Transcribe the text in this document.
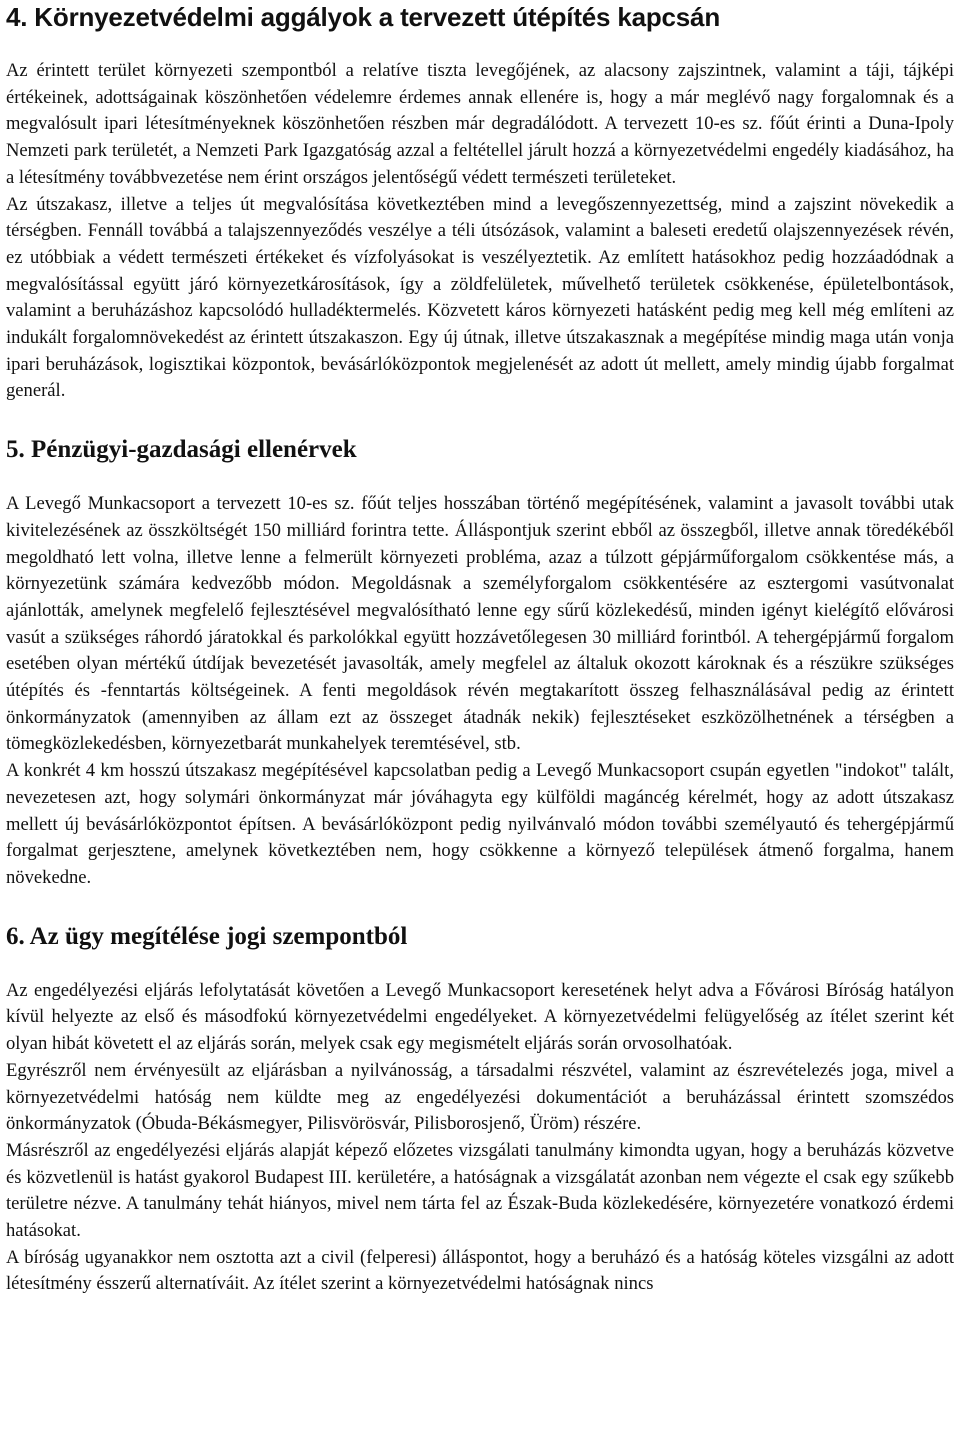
4. Környezetvédelmi aggályok a tervezett útépítés kapcsán

Az érintett terület környezeti szempontból a relatíve tiszta levegőjének, az alacsony zajszintnek, valamint a táji, tájképi értékeinek, adottságainak köszönhetően védelemre érdemes annak ellenére is, hogy a már meglévő nagy forgalomnak és a megvalósult ipari létesítményeknek köszönhetően részben már degradálódott. A tervezett 10-es sz. főút érinti a Duna-Ipoly Nemzeti park területét, a Nemzeti Park Igazgatóság azzal a feltétellel járult hozzá a környezetvédelmi engedély kiadásához, ha a létesítmény továbbvezetése nem érint országos jelentőségű védett természeti területeket.

Az útszakasz, illetve a teljes út megvalósítása következtében mind a levegőszennyezettség, mind a zajszint növekedik a térségben. Fennáll továbbá a talajszennyeződés veszélye a téli útsózások, valamint a baleseti eredetű olajszennyezések révén, ez utóbbiak a védett természeti értékeket és vízfolyásokat is veszélyeztetik. Az említett hatásokhoz pedig hozzáadódnak a megvalósítással együtt járó környezetkárosítások, így a zöldfelületek, művelhető területek csökkenése, épületelbontások, valamint a beruházáshoz kapcsolódó hulladéktermelés. Közvetett káros környezeti hatásként pedig meg kell még említeni az indukált forgalomnövekedést az érintett útszakaszon. Egy új útnak, illetve útszakasznak a megépítése mindig maga után vonja ipari beruházások, logisztikai központok, bevásárlóközpontok megjelenését az adott út mellett, amely mindig újabb forgalmat generál.

5. Pénzügyi-gazdasági ellenérvek

A Levegő Munkacsoport a tervezett 10-es sz. főút teljes hosszában történő megépítésének, valamint a javasolt további utak kivitelezésének az összköltségét 150 milliárd forintra tette. Álláspontjuk szerint ebből az összegből, illetve annak töredékéből megoldható lett volna, illetve lenne a felmerült környezeti probléma, azaz a túlzott gépjárműforgalom csökkentése más, a környezetünk számára kedvezőbb módon. Megoldásnak a személyforgalom csökkentésére az esztergomi vasútvonalat ajánlották, amelynek megfelelő fejlesztésével megvalósítható lenne egy sűrű közlekedésű, minden igényt kielégítő elővárosi vasút a szükséges ráhordó járatokkal és parkolókkal együtt hozzávetőlegesen 30 milliárd forintból. A tehergépjármű forgalom esetében olyan mértékű útdíjak bevezetését javasolták, amely megfelel az általuk okozott károknak és a részükre szükséges útépítés és -fenntartás költségeinek. A fenti megoldások révén megtakarított összeg felhasználásával pedig az érintett önkormányzatok (amennyiben az állam ezt az összeget átadnák nekik) fejlesztéseket eszközölhetnének a térségben a tömegközlekedésben, környezetbarát munkahelyek teremtésével, stb.

A konkrét 4 km hosszú útszakasz megépítésével kapcsolatban pedig a Levegő Munkacsoport csupán egyetlen "indokot" talált, nevezetesen azt, hogy solymári önkormányzat már jóváhagyta egy külföldi magáncég kérelmét, hogy az adott útszakasz mellett új bevásárlóközpontot építsen. A bevásárlóközpont pedig nyilvánvaló módon további személyautó és tehergépjármű forgalmat gerjesztene, amelynek következtében nem, hogy csökkenne a környező települések átmenő forgalma, hanem növekedne.

6. Az ügy megítélése jogi szempontból

Az engedélyezési eljárás lefolytatását követően a Levegő Munkacsoport keresetének helyt adva a Fővárosi Bíróság hatályon kívül helyezte az első és másodfokú környezetvédelmi engedélyeket. A környezetvédelmi felügyelőség az ítélet szerint két olyan hibát követett el az eljárás során, melyek csak egy megismételt eljárás során orvosolhatóak.

Egyrészről nem érvényesült az eljárásban a nyilvánosság, a társadalmi részvétel, valamint az észrevételezés joga, mivel a környezetvédelmi hatóság nem küldte meg az engedélyezési dokumentációt a beruházással érintett szomszédos önkormányzatok (Óbuda-Békásmegyer, Pilisvörösvár, Pilisborosjenő, Üröm) részére.

Másrészről az engedélyezési eljárás alapját képező előzetes vizsgálati tanulmány kimondta ugyan, hogy a beruházás közvetve és közvetlenül is hatást gyakorol Budapest III. kerületére, a hatóságnak a vizsgálatát azonban nem végezte el csak egy szűkebb területre nézve. A tanulmány tehát hiányos, mivel nem tárta fel az Észak-Buda közlekedésére, környezetére vonatkozó érdemi hatásokat.

A bíróság ugyanakkor nem osztotta azt a civil (felperesi) álláspontot, hogy a beruházó és a hatóság köteles vizsgálni az adott létesítmény ésszerű alternatíváit. Az ítélet szerint a környezetvédelmi hatóságnak nincs
